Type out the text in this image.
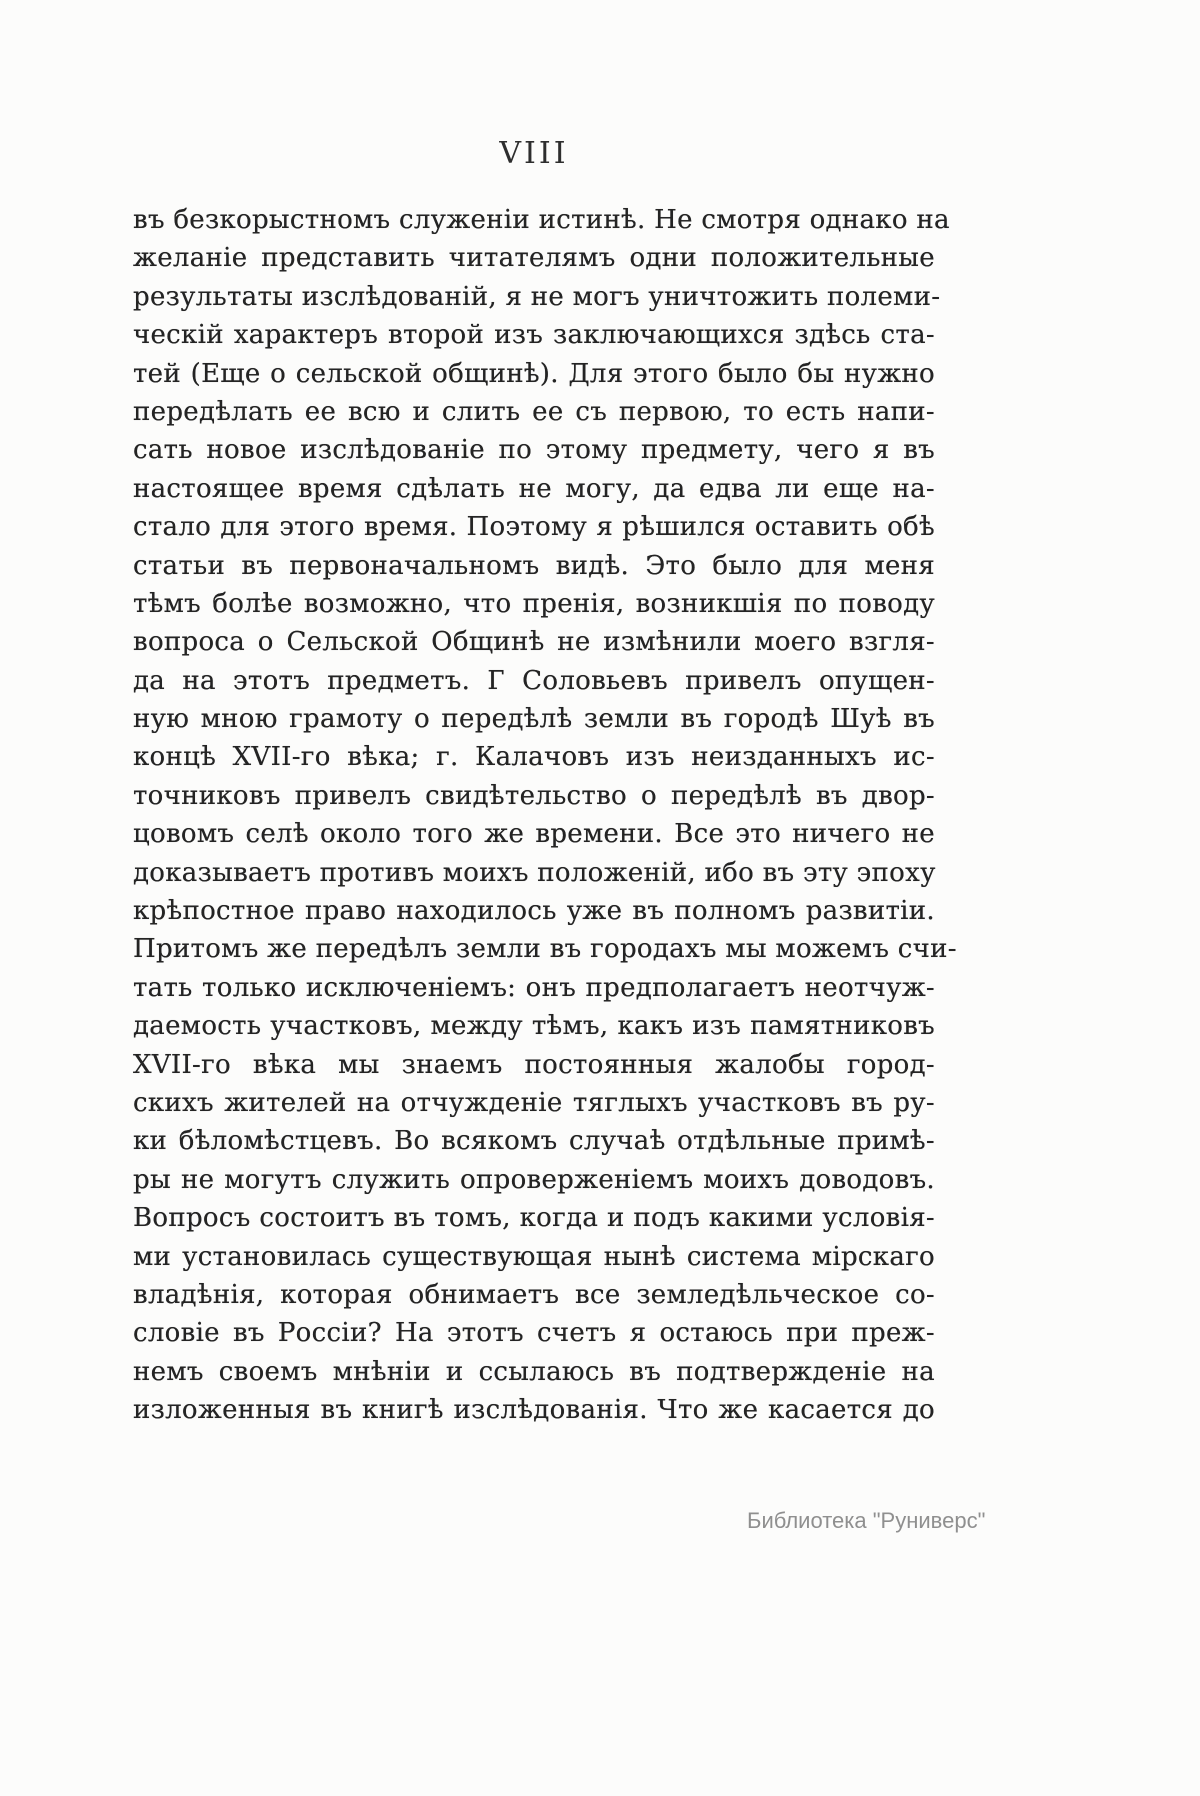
VIII
въ безкорыстномъ служеніи истинѣ. Не смотря однако на
желаніе представить читателямъ одни положительные
результаты изслѣдованій, я не могъ уничтожить полеми-
ческій характеръ второй изъ заключающихся здѣсь ста-
тей (Еще о сельской общинѣ). Для этого было бы нужно
передѣлать ее всю и слить ее съ первою, то есть напи-
сать новое изслѣдованіе по этому предмету, чего я въ
настоящее время сдѣлать не могу, да едва ли еще на-
стало для этого время. Поэтому я рѣшился оставить обѣ
статьи въ первоначальномъ видѣ. Это было для меня
тѣмъ болѣе возможно, что пренія, возникшія по поводу
вопроса о Сельской Общинѣ не измѣнили моего взгля-
да на этотъ предметъ. Г Соловьевъ привелъ опущен-
ную мною грамоту о передѣлѣ земли въ городѣ Шуѣ въ
концѣ XVII-го вѣка; г. Калачовъ изъ неизданныхъ ис-
точниковъ привелъ свидѣтельство о передѣлѣ въ двор-
цовомъ селѣ около того же времени. Все это ничего не
доказываетъ противъ моихъ положеній, ибо въ эту эпоху
крѣпостное право находилось уже въ полномъ развитіи.
Притомъ же передѣлъ земли въ городахъ мы можемъ счи-
тать только исключеніемъ: онъ предполагаетъ неотчуж-
даемость участковъ, между тѣмъ, какъ изъ памятниковъ
XVII-го вѣка мы знаемъ постоянныя жалобы город-
скихъ жителей на отчужденіе тяглыхъ участковъ въ ру-
ки бѣломѣстцевъ. Во всякомъ случаѣ отдѣльные примѣ-
ры не могутъ служить опроверженіемъ моихъ доводовъ.
Вопросъ состоитъ въ томъ, когда и подъ какими условія-
ми установилась существующая нынѣ система мірскаго
владѣнія, которая обнимаетъ все земледѣльческое со-
словіе въ Россіи? На этотъ счетъ я остаюсь при преж-
немъ своемъ мнѣніи и ссылаюсь въ подтвержденіе на
изложенныя въ книгѣ изслѣдованія. Что же касается до
Библиотека "Руниверс"
